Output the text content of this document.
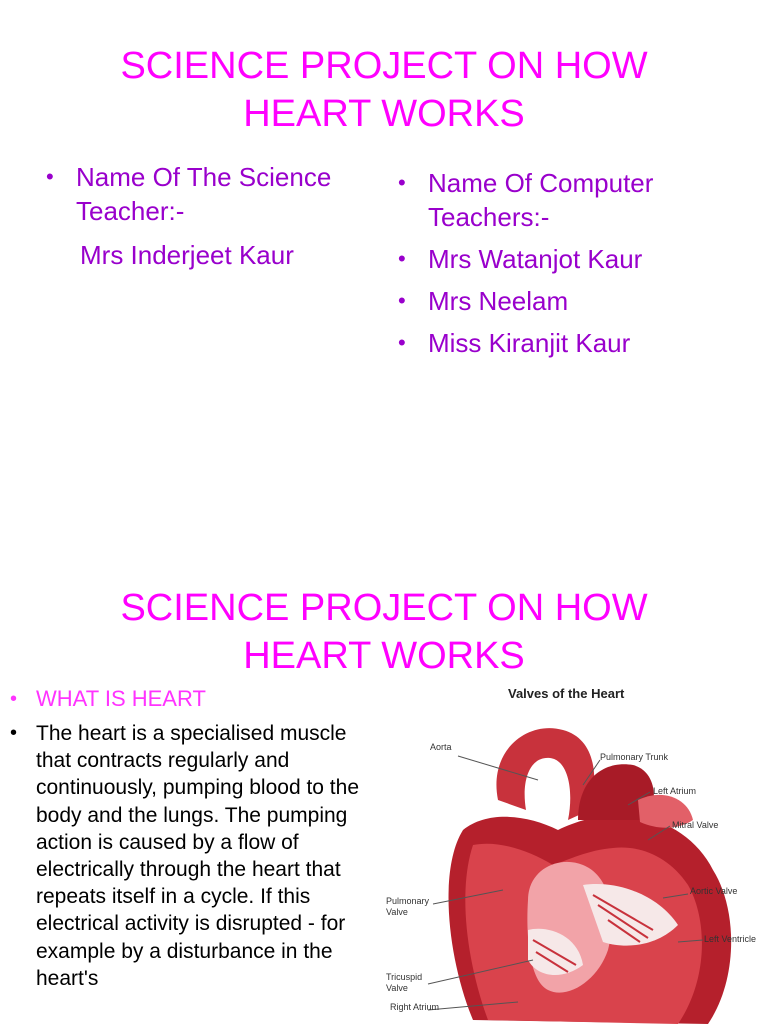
SCIENCE PROJECT ON HOW
HEART WORKS
• Name Of The Science Teacher:-
Mrs Inderjeet Kaur
• Name Of Computer Teachers:-
• Mrs Watanjot Kaur
• Mrs Neelam
• Miss Kiranjit Kaur
SCIENCE PROJECT ON HOW
HEART WORKS
• WHAT IS HEART
• The heart is a specialised muscle that contracts regularly and continuously, pumping blood to the body and the lungs. The pumping action is caused by a flow of electrically through the heart that repeats itself in a cycle. If this electrical activity is disrupted - for example by a disturbance in the heart's
Valves of the Heart
Aorta
Pulmonary Trunk
Left Atrium
Pulmonary Valve
Mitral Valve
Aortic Valve
Tricuspid Valve
Left Ventricle
Right Atrium
